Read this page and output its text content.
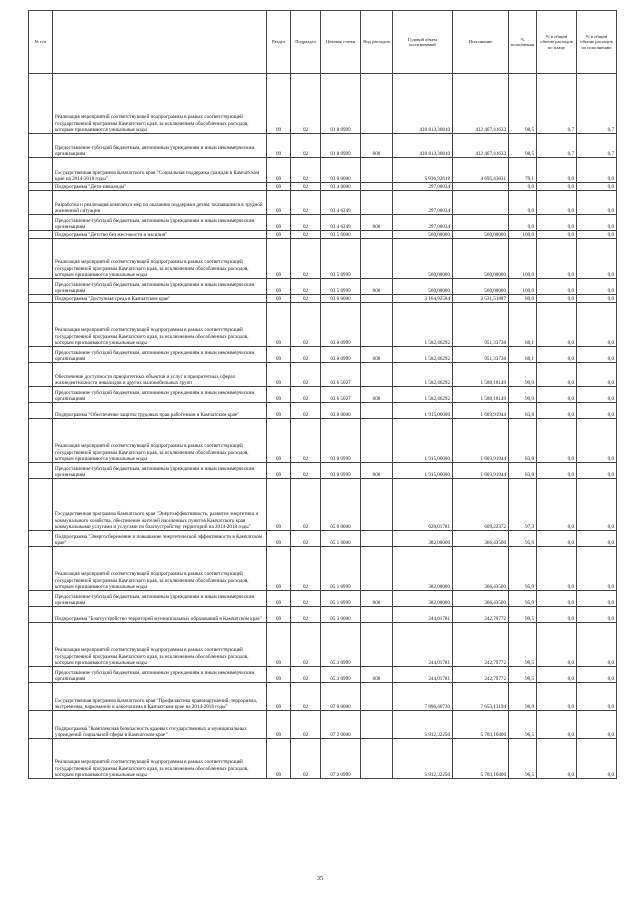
№ п/п		Раздел	Подраздел	Целевая статья	Вид расходов	Годовой объем ассигнований	Исполнение	% исполнения	% в общем объеме расходов по плану	% в общем объеме расходов по исполнению
	Реализация мероприятий соответствующей подпрограммы в рамках соответствующей государственной программы Камчатского края, за исключением обособленных расходов, которым присваиваются уникальные коды	09	02	01 8 0999		418 813,30810	412 467,41633	98,5	0,7	0,7
	Предоставление субсидий бюджетным, автономным учреждениям и иным некоммерческим организациям	09	02	01 8 0999	600	418 813,30810	412 467,41633	98,5	0,7	0,7
	Государственная программа Камчатского края "Социальная поддержка граждан в Камчатском крае на 2014-2018 годы"	09	02	03 0 0000		5 936,92618	4 695,43831	79,1	0,0	0,0
	Подпрограмма "Дети-инвалиды"	09	02	03 4 0000		297,00034		0,0	0,0	0,0
	Разработка и реализация комплекса мер по оказанию поддержки детям, оказавшимся в трудной жизненной ситуации	09	02	03 4 6249		297,00034		0,0	0,0	0,0
	Предоставление субсидий бюджетным, автономным учреждениям и иным некоммерческим организациям	09	02	03 4 6249	600	297,00034		0,0	0,0	0,0
	Подпрограмма "Детство без жестокости и насилия"	09	02	03 5 0000		560,00000	560,00000	100,0	0,0	0,0
	Реализация мероприятий соответствующей подпрограммы в рамках соответствующей государственной программы Камчатского края, за исключением обособленных расходов, которым присваиваются уникальные коды	09	02	03 5 0999		560,00000	560,00000	100,0	0,0	0,0
	Предоставление субсидий бюджетным, автономным учреждениям и иным некоммерческим организациям	09	02	03 5 0999	600	560,00000	560,00000	100,0	0,0	0,0
	Подпрограмма "Доступная среда в Камчатском крае"	09	02	03 6 0000		3 164,92584	2 531,51887	80,0	0,0	0,0
	Реализация мероприятий соответствующей подпрограммы в рамках соответствующей государственной программы Камчатского края, за исключением обособленных расходов, которым присваиваются уникальные коды	09	02	03 6 0999		1 582,46292	951,33738	60,1	0,0	0,0
	Предоставление субсидий бюджетным, автономным учреждениям и иным некоммерческим организациям	09	02	03 6 0999	600	1 582,46292	951,33738	60,1	0,0	0,0
	Обеспечение доступности приоритетных объектов и услуг в приоритетных сферах жизнедеятельности инвалидов и других маломобильных групп	09	02	03 6 5027		1 582,46292	1 580,18149	99,9	0,0	0,0
	Предоставление субсидий бюджетным, автономным учреждениям и иным некоммерческим организациям	09	02	03 6 5027	600	1 582,46292	1 580,18149	99,9	0,0	0,0
	Подпрограмма "Обеспечение защиты трудовых прав работников в Камчатском крае"	09	02	03 8 0000		1 915,00000	1 603,91944	83,8	0,0	0,0
	Реализация мероприятий соответствующей подпрограммы в рамках соответствующей государственной программы Камчатского края, за исключением обособленных расходов, которым присваиваются уникальные коды	09	02	03 8 0999		1 915,00000	1 603,91944	83,8	0,0	0,0
	Предоставление субсидий бюджетным, автономным учреждениям и иным некоммерческим организациям	09	02	03 8 0999	600	1 915,00000	1 603,91944	83,8	0,0	0,0
	Государственная программа Камчатского края "Энергоэффективность, развитие энергетики и коммунального хозяйства, обеспечение жителей населенных пунктов Камчатского края коммунальными услугами и услугами по благоустройству территорий на 2014-2018 годы"	09	02	05 0 0000		626,01781	609,22372	97,3	0,0	0,0
	Подпрограмма "Энергосбережение и повышение энергетической эффективности в Камчатском крае"	09	02	05 1 0000		382,00000	366,43500	95,9	0,0	0,0
	Реализация мероприятий соответствующей подпрограммы в рамках соответствующей государственной программы Камчатского края, за исключением обособленных расходов, которым присваиваются уникальные коды	09	02	05 1 0999		382,00000	366,43500	95,9	0,0	0,0
	Предоставление субсидий бюджетным, автономным учреждениям и иным некоммерческим организациям	09	02	05 1 0999	600	382,00000	366,43500	95,9	0,0	0,0
	Подпрограмма "Благоустройство территорий муниципальных образований в Камчатском крае"	09	02	05 3 0000		244,01781	242,79772	99,5	0,0	0,0
	Реализация мероприятий соответствующей подпрограммы в рамках соответствующей государственной программы Камчатского края, за исключением обособленных расходов, которым присваиваются уникальные коды	09	02	05 3 0999		244,01781	242,79772	99,5	0,0	0,0
	Предоставление субсидий бюджетным, автономным учреждениям и иным некоммерческим организациям	09	02	05 3 0999	600	244,01781	242,79772	99,5	0,0	0,0
	Государственная программа Камчатского края "Профилактика правонарушений, терроризма, экстремизма, наркомании и алкоголизма в Камчатском крае на 2014-2018 годы"	09	02	07 0 0000		7 896,40730	7 653,13194	96,9	0,0	0,0
	Подпрограмма "Комплексная безопасность краевых государственных и муниципальных учреждений социальной сферы в Камчатском крае "	09	02	07 2 0000		5 912,32250	5 703,10400	96,5	0,0	0,0
	Реализация мероприятий соответствующей подпрограммы в рамках соответствующей государственной программы Камчатского края, за исключением обособленных расходов, которым присваиваются уникальные коды	09	02	07 2 0999		5 912,32250	5 703,10400	96,5	0,0	0,0
35
